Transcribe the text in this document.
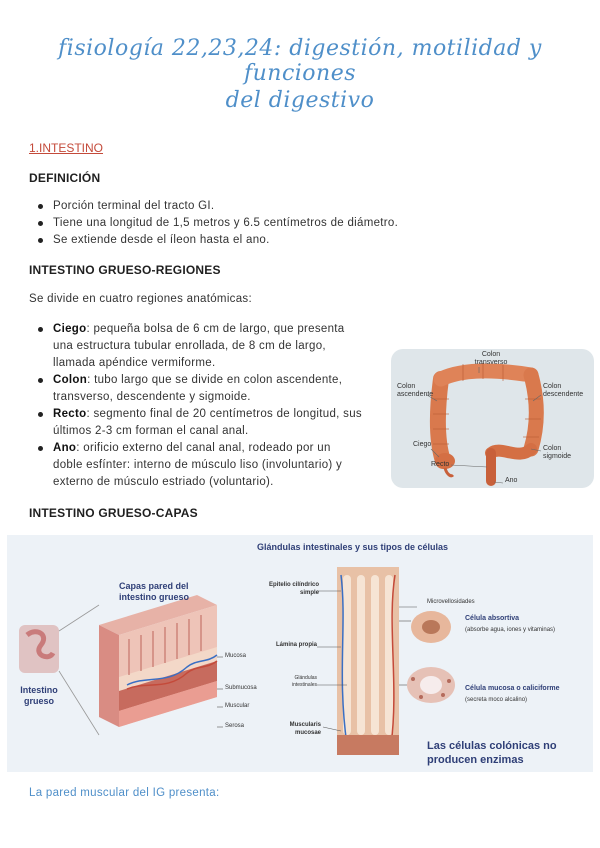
fisiología 22,23,24: digestión, motilidad y funciones
del digestivo

1.INTESTINO

DEFINICIÓN

Porción terminal del tracto GI.
Tiene una longitud de 1,5 metros y 6.5 centímetros de diámetro.
Se extiende desde el íleon hasta el ano.

INTESTINO GRUESO-REGIONES

Se divide en cuatro regiones anatómicas:

Ciego: pequeña bolsa de 6 cm de largo, que presenta una estructura tubular enrollada, de 8 cm de largo, llamada apéndice vermiforme.
Colon: tubo largo que se divide en colon ascendente, transverso, descendente y sigmoide.
Recto: segmento final de 20 centímetros de longitud, sus últimos 2-3 cm forman el canal anal.
Ano: orificio externo del canal anal, rodeado por un doble esfínter: interno de músculo liso (involuntario) y externo de músculo estriado (voluntario).
Colon transverso
Colon ascendente
Colon descendente
Ciego
Recto
Colon sigmoide
Ano

INTESTINO GRUESO-CAPAS

Glándulas intestinales y sus tipos de células
Capas pared del intestino grueso
Intestino grueso
Mucosa
Submucosa
Muscular
Serosa
Epitelio cilíndrico simple
Lámina propia
Glándulas intestinales
Muscularis mucosae
Microvellosidades
Célula absortiva
(absorbe agua, iones y vitaminas)
Célula mucosa o caliciforme
(secreta moco alcalino)
Las células colónicas no producen enzimas

La pared muscular del IG presenta:
